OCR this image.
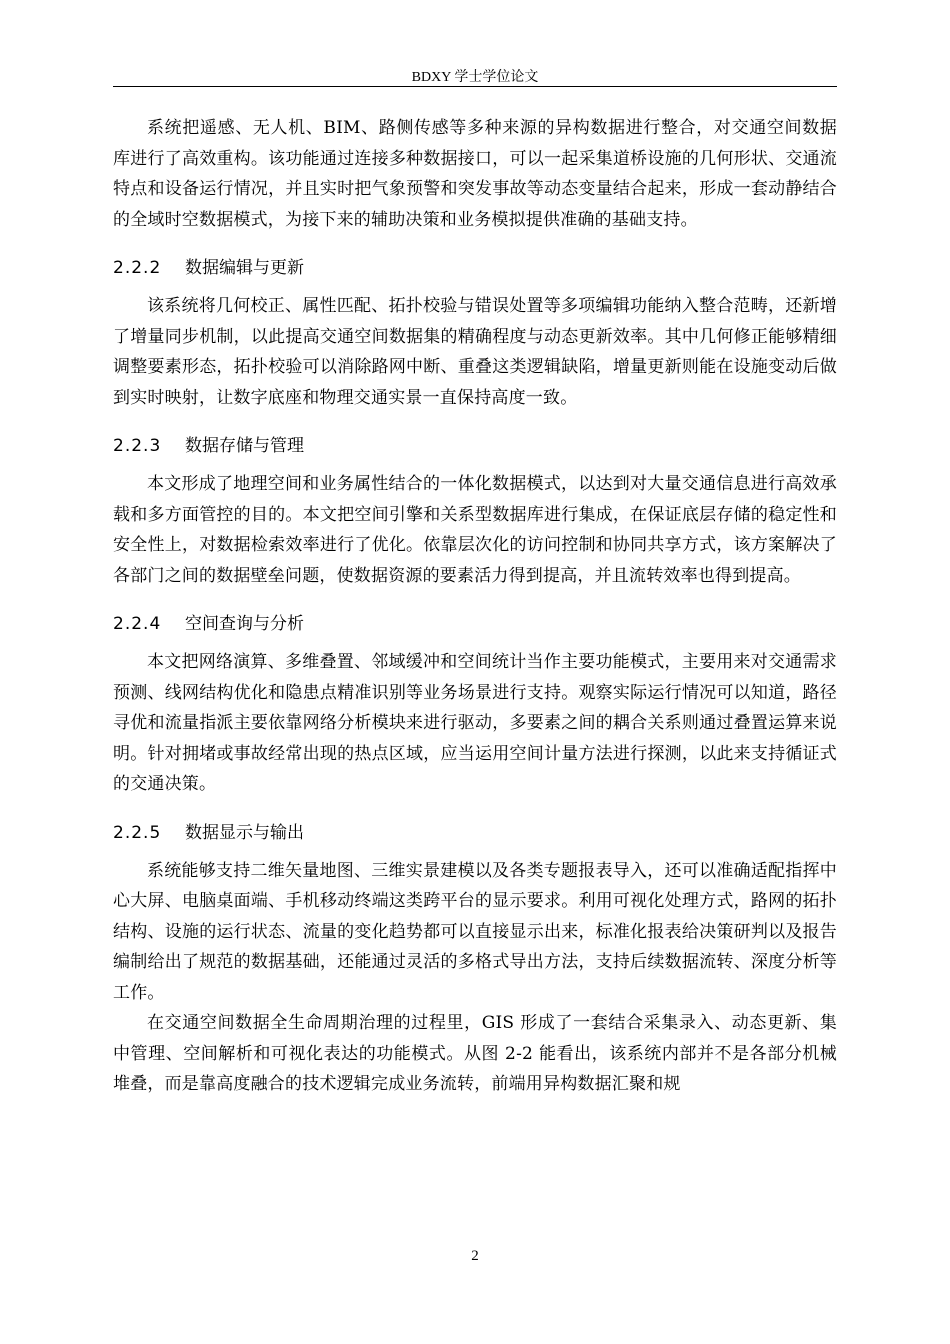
BDXY 学士学位论文

系统把遥感、无人机、BIM、路侧传感等多种来源的异构数据进行整合，对交通空间数据库进行了高效重构。该功能通过连接多种数据接口，可以一起采集道桥设施的几何形状、交通流特点和设备运行情况，并且实时把气象预警和突发事故等动态变量结合起来，形成一套动静结合的全域时空数据模式，为接下来的辅助决策和业务模拟提供准确的基础支持。

2.2.2 数据编辑与更新

该系统将几何校正、属性匹配、拓扑校验与错误处置等多项编辑功能纳入整合范畴，还新增了增量同步机制，以此提高交通空间数据集的精确程度与动态更新效率。其中几何修正能够精细调整要素形态，拓扑校验可以消除路网中断、重叠这类逻辑缺陷，增量更新则能在设施变动后做到实时映射，让数字底座和物理交通实景一直保持高度一致。

2.2.3 数据存储与管理

本文形成了地理空间和业务属性结合的一体化数据模式，以达到对大量交通信息进行高效承载和多方面管控的目的。本文把空间引擎和关系型数据库进行集成，在保证底层存储的稳定性和安全性上，对数据检索效率进行了优化。依靠层次化的访问控制和协同共享方式，该方案解决了各部门之间的数据壁垒问题，使数据资源的要素活力得到提高，并且流转效率也得到提高。

2.2.4 空间查询与分析

本文把网络演算、多维叠置、邻域缓冲和空间统计当作主要功能模式，主要用来对交通需求预测、线网结构优化和隐患点精准识别等业务场景进行支持。观察实际运行情况可以知道，路径寻优和流量指派主要依靠网络分析模块来进行驱动，多要素之间的耦合关系则通过叠置运算来说明。针对拥堵或事故经常出现的热点区域，应当运用空间计量方法进行探测，以此来支持循证式的交通决策。

2.2.5 数据显示与输出

系统能够支持二维矢量地图、三维实景建模以及各类专题报表导入，还可以准确适配指挥中心大屏、电脑桌面端、手机移动终端这类跨平台的显示要求。利用可视化处理方式，路网的拓扑结构、设施的运行状态、流量的变化趋势都可以直接显示出来，标准化报表给决策研判以及报告编制给出了规范的数据基础，还能通过灵活的多格式导出方法，支持后续数据流转、深度分析等工作。

在交通空间数据全生命周期治理的过程里，GIS 形成了一套结合采集录入、动态更新、集中管理、空间解析和可视化表达的功能模式。从图 2-2 能看出，该系统内部并不是各部分机械堆叠，而是靠高度融合的技术逻辑完成业务流转，前端用异构数据汇聚和规

2
